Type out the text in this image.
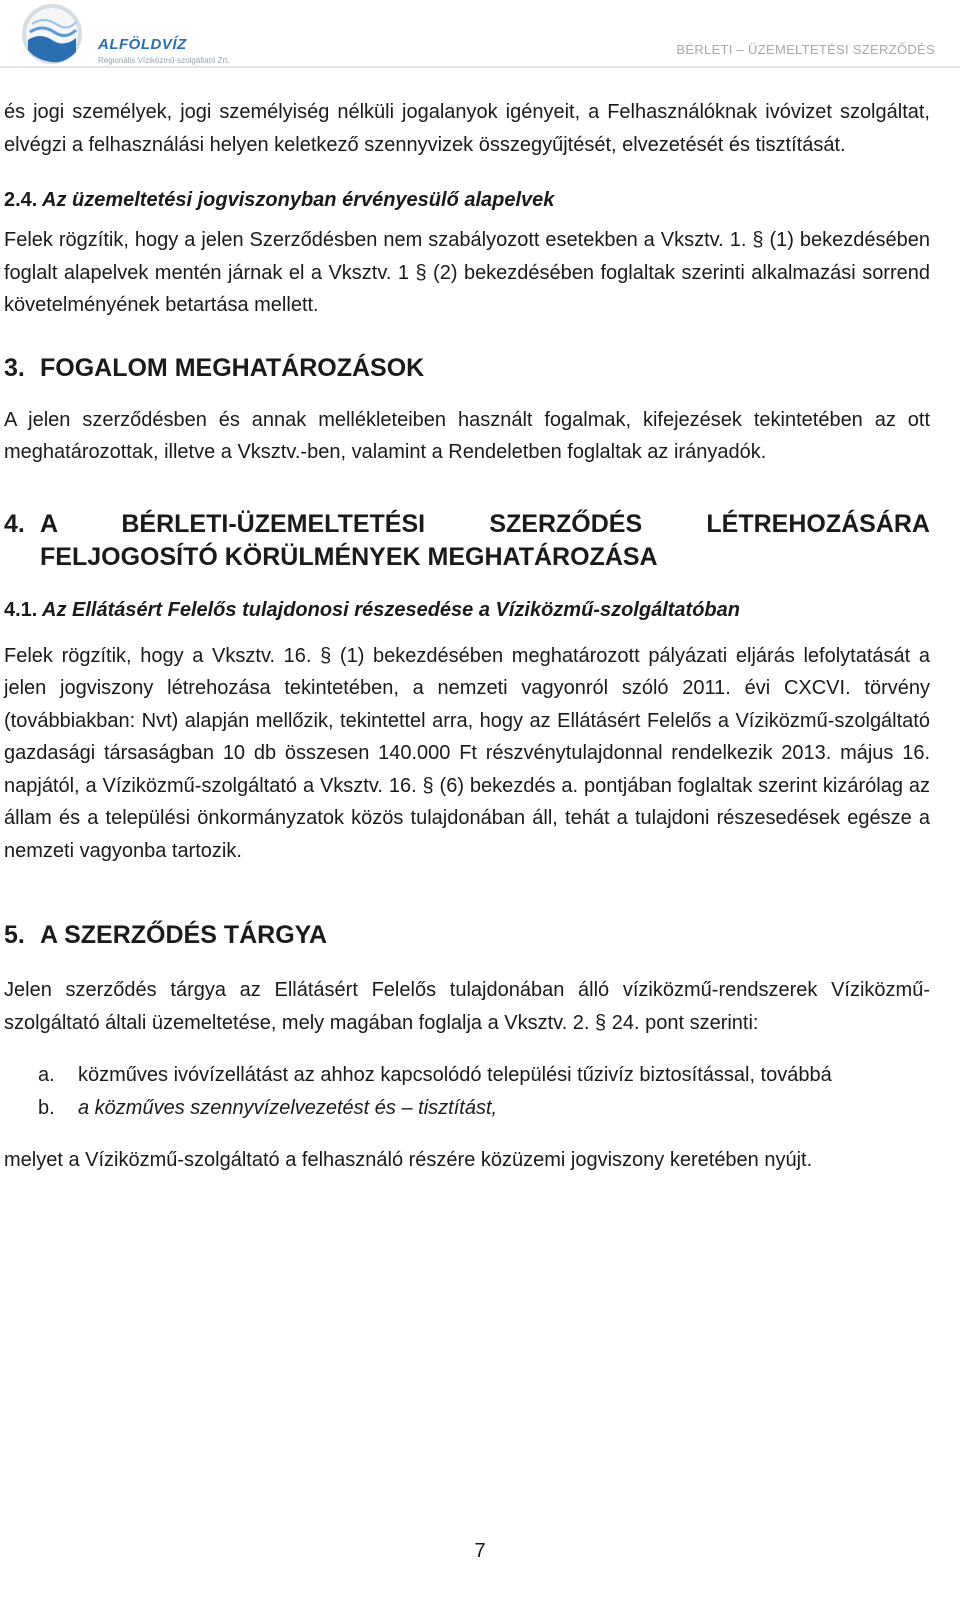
ALFÖLDVÍZ
Regionális Víziközmű-szolgáltató Zrt.
BÉRLETI – ÜZEMELTETÉSI SZERZŐDÉS

és jogi személyek, jogi személyiség nélküli jogalanyok igényeit, a Felhasználóknak ivóvizet szolgáltat, elvégzi a felhasználási helyen keletkező szennyvizek összegyűjtését, elvezetését és tisztítását.

2.4. Az üzemeltetési jogviszonyban érvényesülő alapelvek

Felek rögzítik, hogy a jelen Szerződésben nem szabályozott esetekben a Vksztv. 1. § (1) bekezdésében foglalt alapelvek mentén járnak el a Vksztv. 1 § (2) bekezdésében foglaltak szerinti alkalmazási sorrend követelményének betartása mellett.

3. FOGALOM MEGHATÁROZÁSOK

A jelen szerződésben és annak mellékleteiben használt fogalmak, kifejezések tekintetében az ott meghatározottak, illetve a Vksztv.-ben, valamint a Rendeletben foglaltak az irányadók.

4. A BÉRLETI-ÜZEMELTETÉSI SZERZŐDÉS LÉTREHOZÁSÁRA
FELJOGOSÍTÓ KÖRÜLMÉNYEK MEGHATÁROZÁSA
4.1. Az Ellátásért Felelős tulajdonosi részesedése a Víziközmű-szolgáltatóban

Felek rögzítik, hogy a Vksztv. 16. § (1) bekezdésében meghatározott pályázati eljárás lefolytatását a jelen jogviszony létrehozása tekintetében, a nemzeti vagyonról szóló 2011. évi CXCVI. törvény (továbbiakban: Nvt) alapján mellőzik, tekintettel arra, hogy az Ellátásért Felelős a Víziközmű-szolgáltató gazdasági társaságban 10 db összesen 140.000 Ft részvénytulajdonnal rendelkezik 2013. május 16. napjától, a Víziközmű-szolgáltató a Vksztv. 16. § (6) bekezdés a. pontjában foglaltak szerint kizárólag az állam és a települési önkormányzatok közös tulajdonában áll, tehát a tulajdoni részesedések egésze a nemzeti vagyonba tartozik.

5. A SZERZŐDÉS TÁRGYA

Jelen szerződés tárgya az Ellátásért Felelős tulajdonában álló víziközmű-rendszerek Víziközmű-szolgáltató általi üzemeltetése, mely magában foglalja a Vksztv. 2. § 24. pont szerinti:

a.	közműves ivóvízellátást az ahhoz kapcsolódó települési tűzivíz biztosítással, továbbá
b.	a közműves szennyvízelvezetést és – tisztítást,

melyet a Víziközmű-szolgáltató a felhasználó részére közüzemi jogviszony keretében nyújt.

7
